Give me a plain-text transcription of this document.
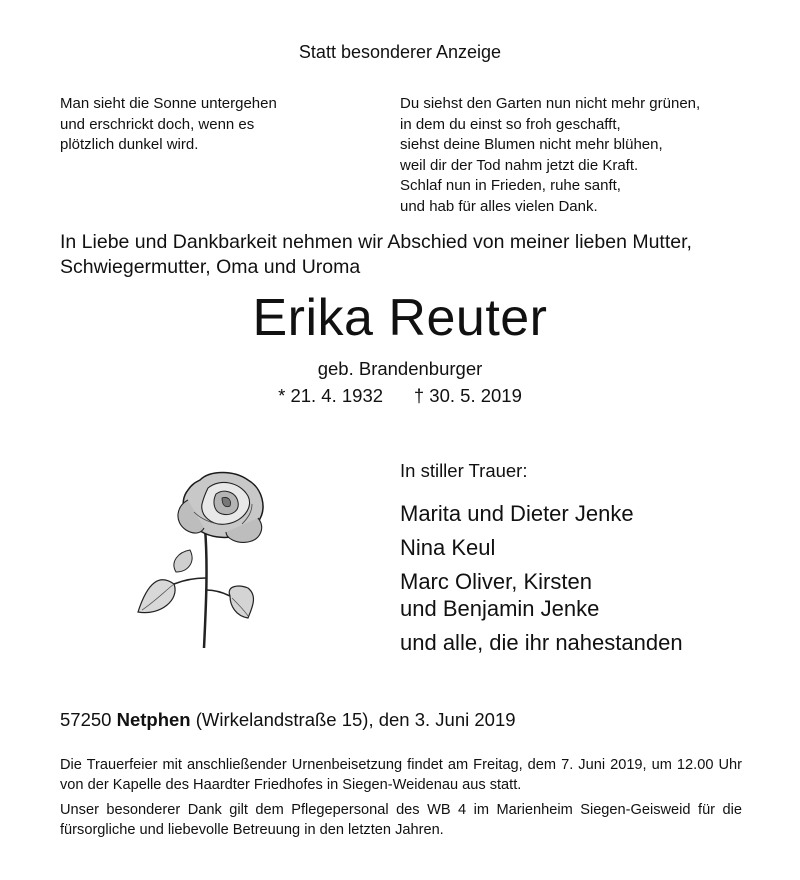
Statt besonderer Anzeige
Man sieht die Sonne untergehen
und erschrickt doch, wenn es
plötzlich dunkel wird.
Du siehst den Garten nun nicht mehr grünen,
in dem du einst so froh geschafft,
siehst deine Blumen nicht mehr blühen,
weil dir der Tod nahm jetzt die Kraft.
Schlaf nun in Frieden, ruhe sanft,
und hab für alles vielen Dank.
In Liebe und Dankbarkeit nehmen wir Abschied von meiner lieben Mutter, Schwiegermutter, Oma und Uroma
Erika Reuter
geb. Brandenburger
* 21. 4. 1932 † 30. 5. 2019
In stiller Trauer:
Marita und Dieter Jenke
Nina Keul
Marc Oliver, Kirsten
und Benjamin Jenke
und alle, die ihr nahestanden
57250 Netphen (Wirkelandstraße 15), den 3. Juni 2019
Die Trauerfeier mit anschließender Urnenbeisetzung findet am Freitag, dem 7. Juni 2019, um 12.00 Uhr von der Kapelle des Haardter Friedhofes in Siegen-Weidenau aus statt.
Unser besonderer Dank gilt dem Pflegepersonal des WB 4 im Marienheim Siegen-Geisweid für die fürsorgliche und liebevolle Betreuung in den letzten Jahren.
